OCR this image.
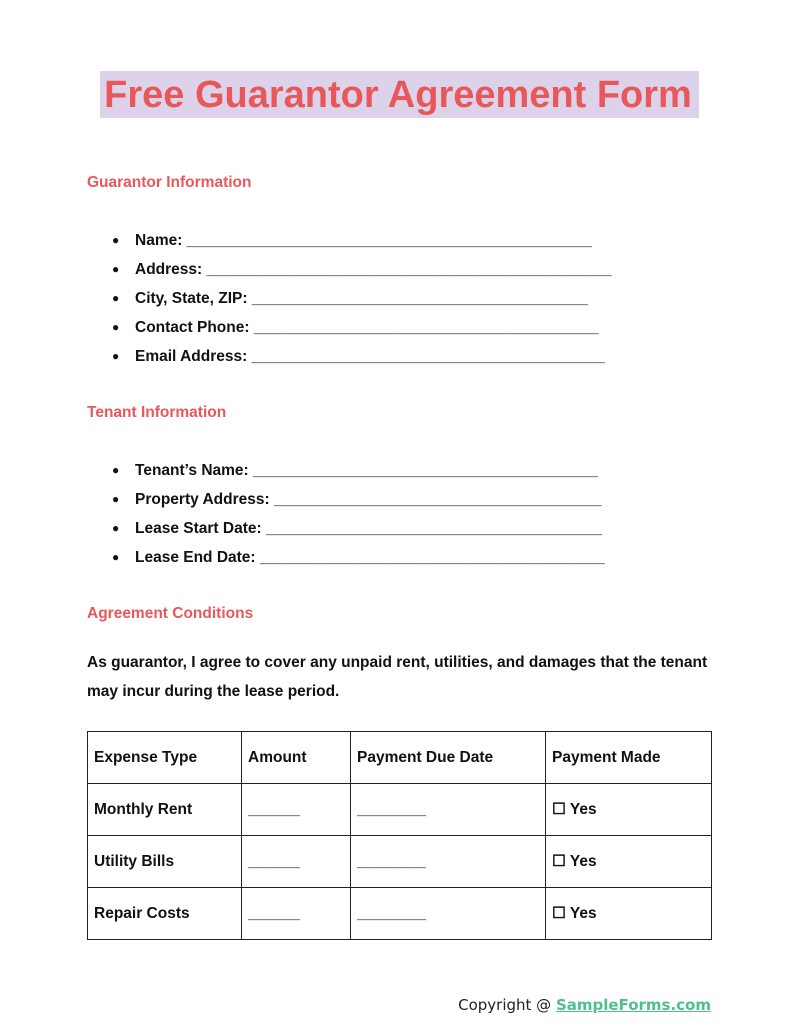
Free Guarantor Agreement Form
Guarantor Information
● Name: _______________________________________________
● Address: _______________________________________________
● City, State, ZIP: _______________________________________
● Contact Phone: ________________________________________
● Email Address: _________________________________________
Tenant Information
● Tenant’s Name: ________________________________________
● Property Address: ______________________________________
● Lease Start Date: _______________________________________
● Lease End Date: ________________________________________
Agreement Conditions

As guarantor, I agree to cover any unpaid rent, utilities, and damages that the tenant may incur during the lease period.

Expense Type	Amount	Payment Due Date	Payment Made
Monthly Rent	______	________	☐ Yes
Utility Bills	______	________	☐ Yes
Repair Costs	______	________	☐ Yes
Copyright @ SampleForms.com
